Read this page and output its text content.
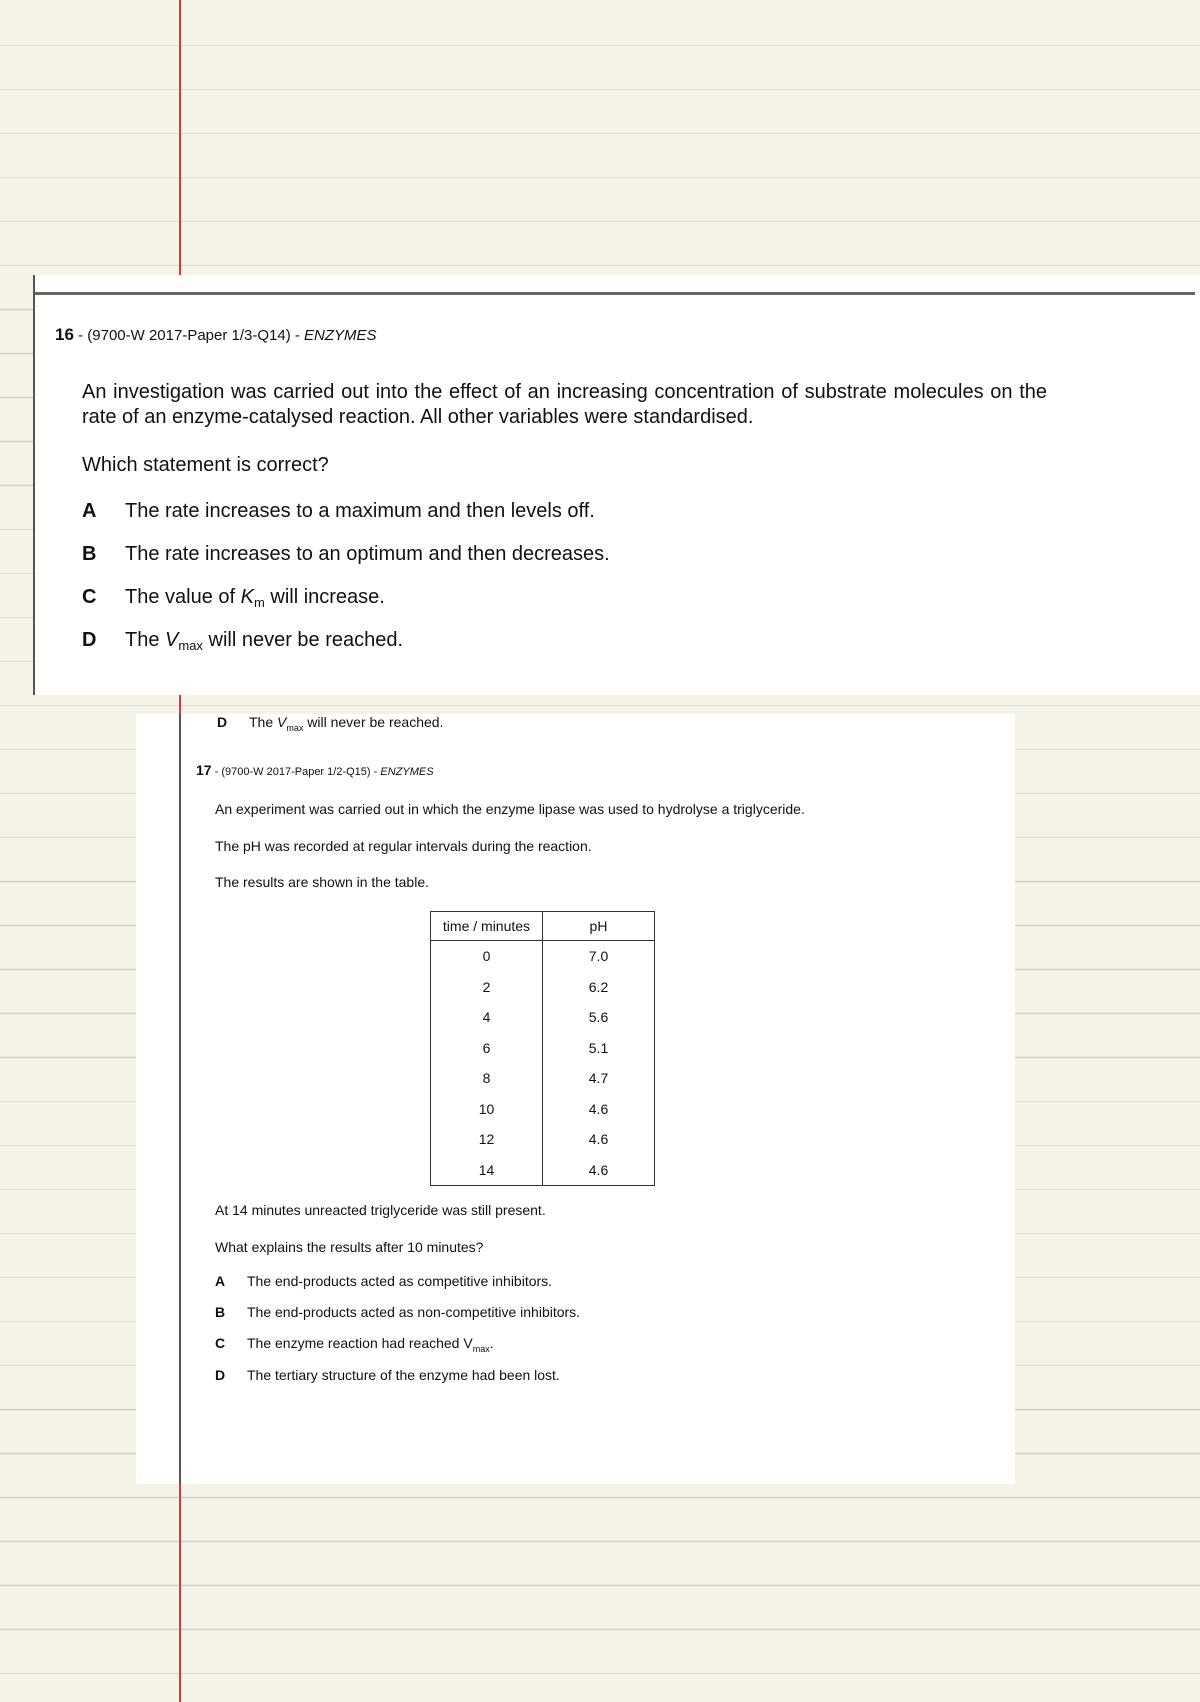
16 - (9700-W 2017-Paper 1/3-Q14) - ENZYMES
An investigation was carried out into the effect of an increasing concentration of substrate molecules on the rate of an enzyme-catalysed reaction. All other variables were standardised.
Which statement is correct?
A The rate increases to a maximum and then levels off.
B The rate increases to an optimum and then decreases.
C The value of $K_m$ will increase.
D The $V_{max}$ will never be reached.
D The $V_{max}$ will never be reached.
17 - (9700-W 2017-Paper 1/2-Q15) - ENZYMES
An experiment was carried out in which the enzyme lipase was used to hydrolyse a triglyceride.
The pH was recorded at regular intervals during the reaction.
The results are shown in the table.
time / minutes	pH
0	7.0
2	6.2
4	5.6
6	5.1
8	4.7
10	4.6
12	4.6
14	4.6
At 14 minutes unreacted triglyceride was still present.
What explains the results after 10 minutes?
A The end-products acted as competitive inhibitors.
B The end-products acted as non-competitive inhibitors.
C The enzyme reaction had reached $V_{max}$.
D The tertiary structure of the enzyme had been lost.
